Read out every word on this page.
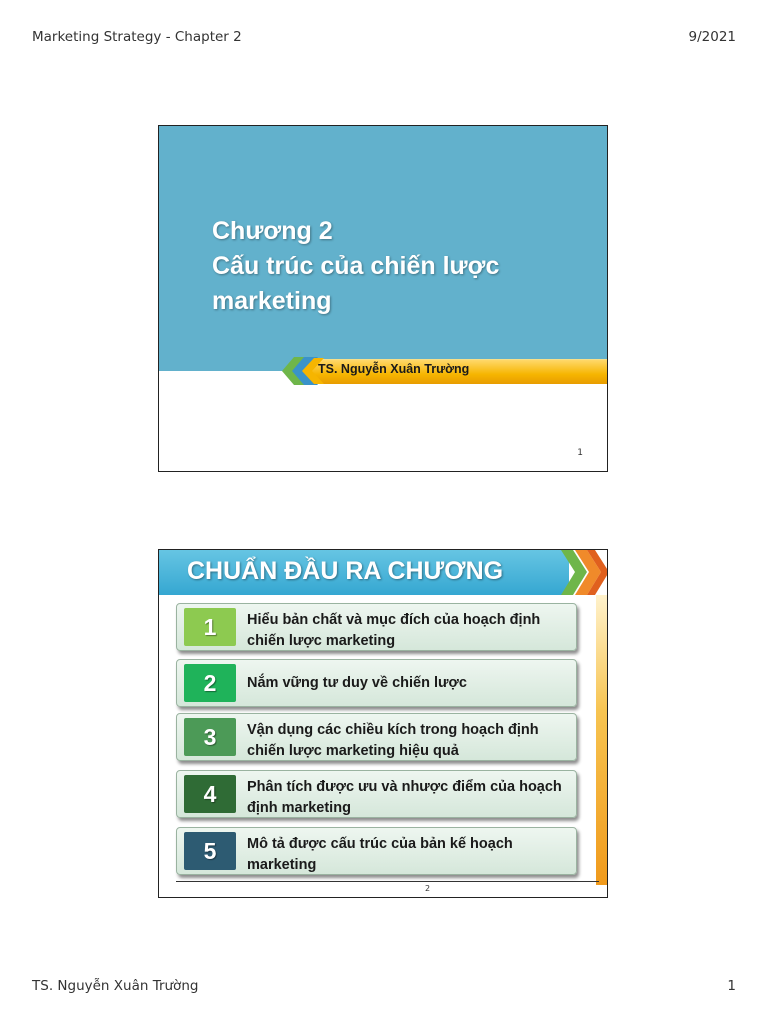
Marketing Strategy - Chapter 2	9/2021
Chương 2
Cấu trúc của chiến lược
marketing
TS. Nguyễn Xuân Trường
1
CHUẨN ĐẦU RA CHƯƠNG
1	Hiểu bản chất và mục đích của hoạch định chiến lược marketing
2	Nắm vững tư duy về chiến lược
3	Vận dụng các chiều kích trong hoạch định chiến lược marketing hiệu quả
4	Phân tích được ưu và nhược điểm của hoạch định marketing
5	Mô tả được cấu trúc của bản kế hoạch marketing
2
TS. Nguyễn Xuân Trường	1
